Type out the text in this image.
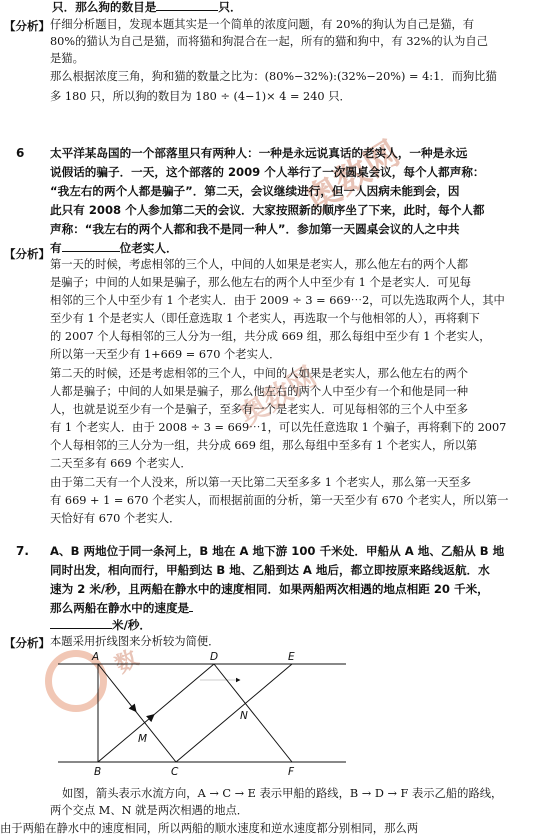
奥数网
奥数网
数
只．那么狗的数目是	只．
【分析】 仔细分析题目，发现本题其实是一个简单的浓度问题，有 20%的狗认为自己是猫，有
80%的猫认为自己是猫，而将猫和狗混合在一起，所有的猫和狗中，有 32%的认为自己
是猫。
那么根据浓度三角，狗和猫的数量之比为：(80%−32%):(32%−20%) = 4:1．而狗比猫
多 180 只，所以狗的数目为 180 ÷ (4−1)× 4 = 240 只．
6 太平洋某岛国的一个部落里只有两种人：一种是永远说真话的老实人，一种是永远
说假话的骗子．一天，这个部落的 2009 个人举行了一次圆桌会议，每个人都声称：
“我左右的两个人都是骗子”．第二天，会议继续进行，但一人因病未能到会，因
此只有 2008 个人参加第二天的会议．大家按照新的顺序坐了下来，此时，每个人都
声称：“我左右的两个人都和我不是同一种人”．参加第一天圆桌会议的人之中共
有	位老实人．
【分析】
第一天的时候，考虑相邻的三个人，中间的人如果是老实人，那么他左右的两个人都
是骗子；中间的人如果是骗子，那么他左右的两个人中至少有 1 个是老实人．可见每
相邻的三个人中至少有 1 个老实人．由于 2009 ÷ 3 = 669⋯2，可以先选取两个人，其中
至少有 1 个是老实人（即任意选取 1 个老实人，再选取一个与他相邻的人），再将剩下
的 2007 个人每相邻的三人分为一组，共分成 669 组，那么每组中至少有 1 个老实人，
所以第一天至少有 1+669 = 670 个老实人．
第二天的时候，还是考虑相邻的三个人，中间的人如果是老实人，那么他左右的两个
人都是骗子；中间的人如果是骗子，那么他左右的两个人中至少有一个和他是同一种
人，也就是说至少有一个是骗子，至多有一个是老实人．可见每相邻的三个人中至多
有 1 个老实人．由于 2008 ÷ 3 = 669⋯1，可以先任意选取 1 个骗子，再将剩下的 2007
个人每相邻的三人分为一组，共分成 669 组，那么每组中至多有 1 个老实人，所以第
二天至多有 669 个老实人．
由于第二天有一个人没来，所以第一天比第二天至多多 1 个老实人，那么第一天至多
有 669 + 1 = 670 个老实人，而根据前面的分析，第一天至少有 670 个老实人，所以第一
天恰好有 670 个老实人．
7. A、B 两地位于同一条河上，B 地在 A 地下游 100 千米处．甲船从 A 地、乙船从 B 地
同时出发，相向而行，甲船到达 B 地、乙船到达 A 地后，都立即按原来路线返航．水
速为 2 米/秒，且两船在静水中的速度相同．如果两船两次相遇的地点相距 20 千米，
那么两船在静水中的速度是
米/秒．
【分析】 本题采用折线图来分析较为简便．
A	D	E
B	C	F
M
N
如图，箭头表示水流方向，A → C → E 表示甲船的路线，B → D → F 表示乙船的路线，
两个交点 M、N 就是两次相遇的地点．
由于两船在静水中的速度相同，所以两船的顺水速度和逆水速度都分别相同，那么两
